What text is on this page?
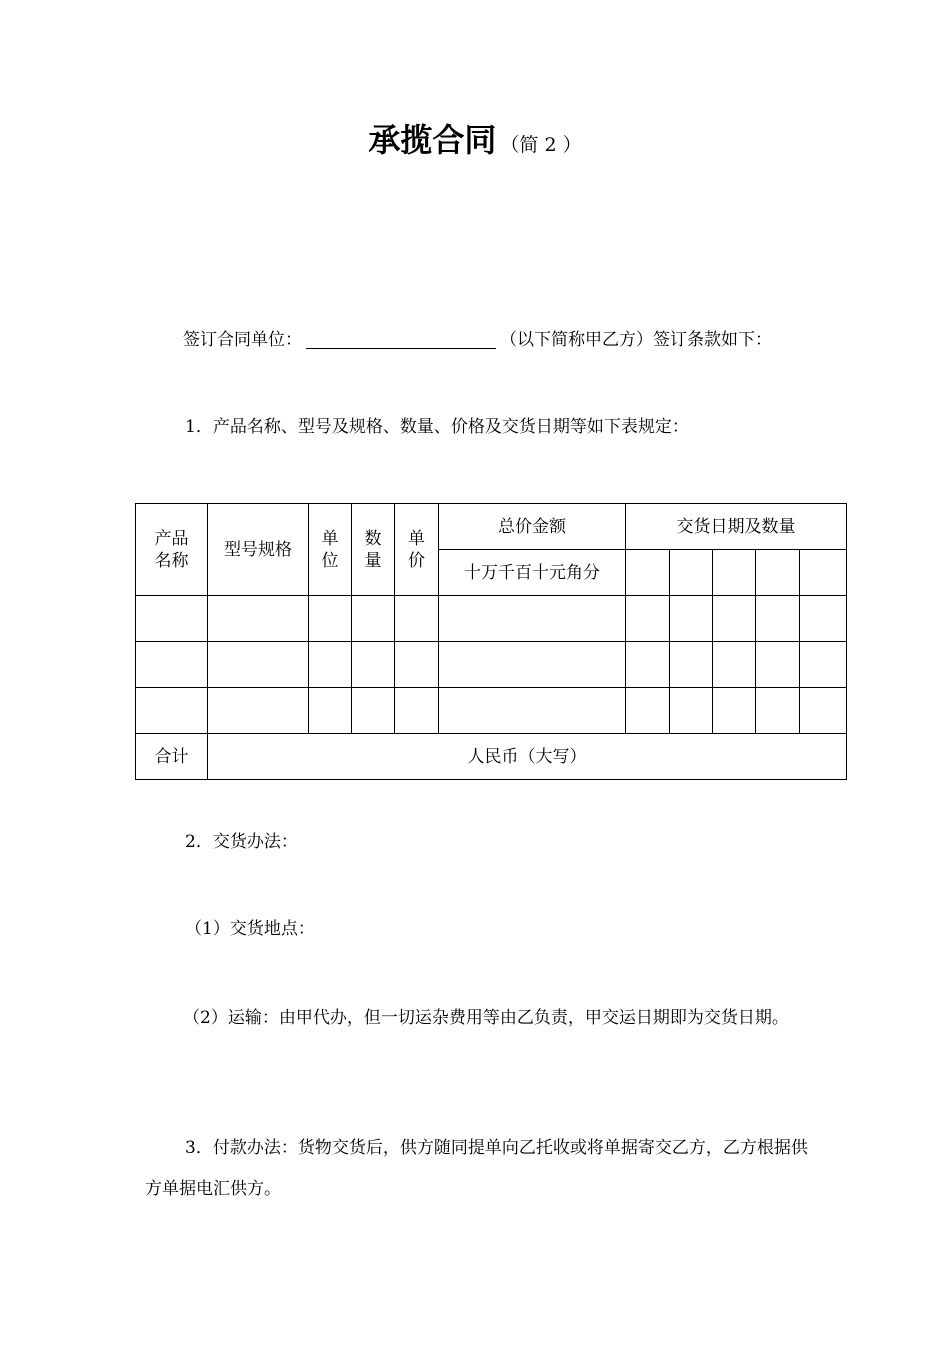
承揽合同 （简 2 ）
签订合同单位：	（以下简称甲乙方）签订条款如下：
1．产品名称、型号及规格、数量、价格及交货日期等如下表规定：
产品名称	型号规格	单位	数量	单价	总价金额	交货日期及数量				
					十万千百十元角分					

合计	人民币（大写）									
2．交货办法：
（1）交货地点：
（2）运输：由甲代办，但一切运杂费用等由乙负责，甲交运日期即为交货日期。
3．付款办法：货物交货后，供方随同提单向乙托收或将单据寄交乙方，乙方根据供方单据电汇供方。
